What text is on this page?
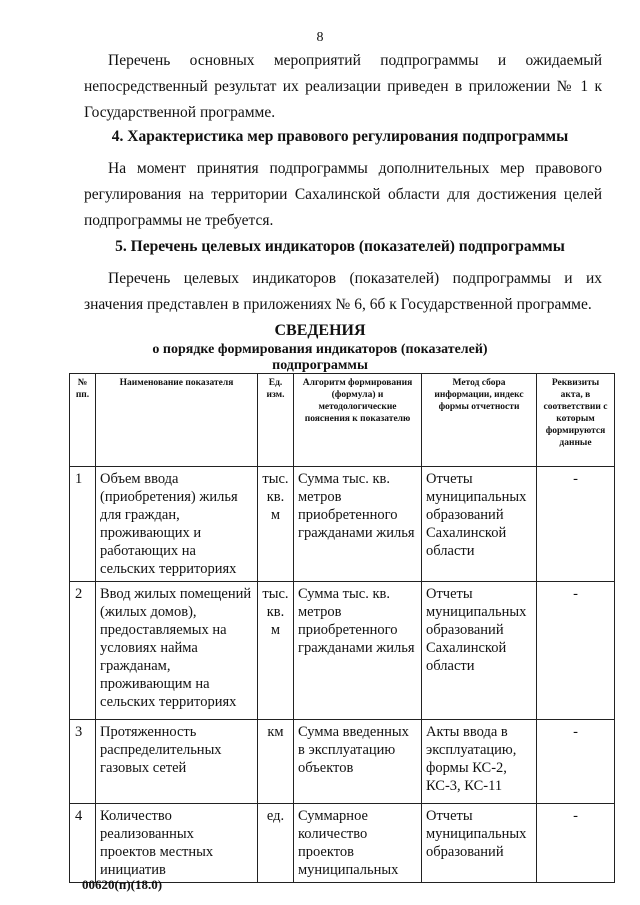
8
Перечень основных мероприятий подпрограммы и ожидаемый непосредственный результат их реализации приведен в приложении № 1 к Государственной программе.
4. Характеристика мер правового регулирования подпрограммы
На момент принятия подпрограммы дополнительных мер правового регулирования на территории Сахалинской области для достижения целей подпрограммы не требуется.
5. Перечень целевых индикаторов (показателей) подпрограммы
Перечень целевых индикаторов (показателей) подпрограммы и их значения представлен в приложениях № 6, 6б к Государственной программе.
СВЕДЕНИЯ
о порядке формирования индикаторов (показателей)
подпрограммы
№ пп.	Наименование показателя	Ед. изм.	Алгоритм формирования (формула) и методологические пояснения к показателю	Метод сбора информации, индекс формы отчетности	Реквизиты акта, в соответствии с которым формируются данные
1	Объем ввода (приобретения) жилья для граждан, проживающих и работающих на сельских территориях	тыс. кв. м	Сумма тыс. кв. метров приобретенного гражданами жилья	Отчеты муниципальных образований Сахалинской области	-
2	Ввод жилых помещений (жилых домов), предоставляемых на условиях найма гражданам, проживающим на сельских территориях	тыс. кв. м	Сумма тыс. кв. метров приобретенного гражданами жилья	Отчеты муниципальных образований Сахалинской области	-
3	Протяженность распределительных газовых сетей	км	Сумма введенных в эксплуатацию объектов	Акты ввода в эксплуатацию, формы КС-2, КС-3, КС-11	-
4	Количество реализованных проектов местных инициатив	ед.	Суммарное количество проектов муниципальных	Отчеты муниципальных образований	-
00620(п)(18.0)
